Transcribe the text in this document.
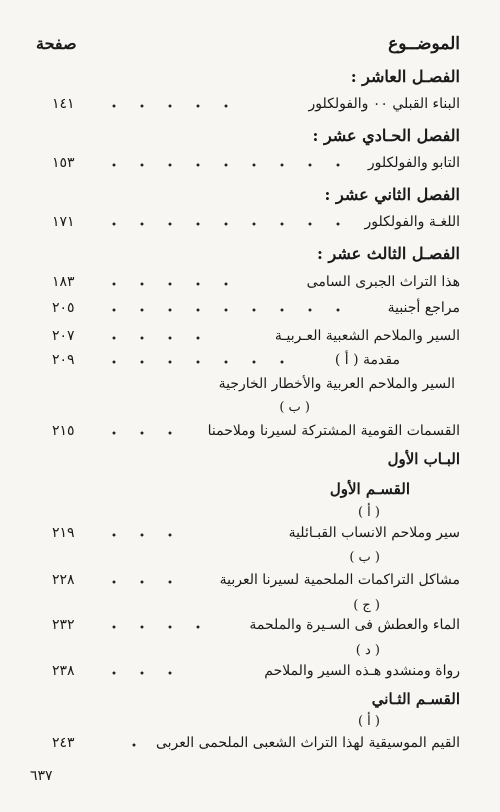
الموضــوع
صفحة
الفصـل العاشر :
البناء القبلي ٠٠ والفولكلور
١٤١
الفصل الحـادي عشر :
التابو والفولكلور
١٥٣
الفصل الثاني عشر :
اللغـة والفولكلور
١٧١
الفصـل الثالث عشر :
هذا التراث الجبرى السامى
١٨٣
مراجع أجنبية
٢٠٥
السير والملاحم الشعبية العـربيـة
٢٠٧
مقدمة ( أ )
٢٠٩
السير والملاحم العربية والأخطار الخارجية
( ب )
القسمات القومية المشتركة لسيرنا وملاحمنا
٢١٥
البـاب الأول
القسـم الأول
( أ )
سير وملاحم الانساب القبـائلية
٢١٩
( ب )
مشاكل التراكمات الملحمية لسيرنا العربية
٢٢٨
( ج )
الماء والعطش فى السـيرة والملحمة
٢٣٢
( د )
رواة ومنشدو هـذه السير والملاحم
٢٣٨
القسـم الثـاني
( أ )
القيم الموسيقية لهذا التراث الشعبى الملحمى العربى
٢٤٣
٦٣٧
